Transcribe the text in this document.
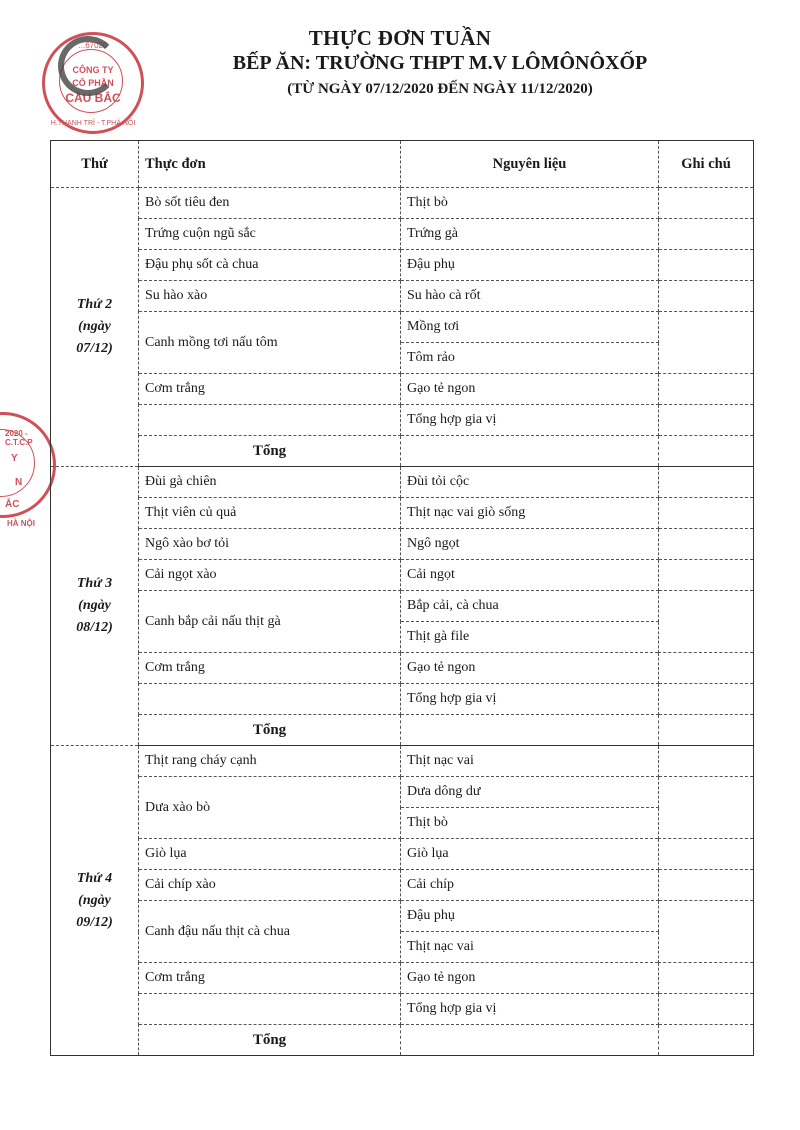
THỰC ĐƠN TUẦN
BẾP ĂN: TRƯỜNG THPT M.V LÔMÔNÔXỐP
(TỪ NGÀY 07/12/2020 ĐẾN NGÀY 11/12/2020)
...67020
CÔNG TY
CỔ PHẦN
CẦU BẮC
H.THANH TRÌ - T.PHÀ NỘI
2020 - C.T.C.P
Y
N
ẮC
HÀ NỘI
Thứ	Thực đơn	Nguyên liệu	Ghi chú

Thứ 2
(ngày
07/12)	Bò sốt tiêu đen	Thịt bò	
	Trứng cuộn ngũ sắc	Trứng gà	
	Đậu phụ sốt cà chua	Đậu phụ	
	Su hào xào	Su hào cà rốt	
	Canh mồng tơi nấu tôm	Mồng tơi	
		Tôm rảo	
	Cơm trắng	Gạo tẻ ngon	
		Tổng hợp gia vị	
	Tổng		

Thứ 3
(ngày
08/12)	Đùi gà chiên	Đùi tỏi cộc	
	Thịt viên củ quả	Thịt nạc vai giò sống	
	Ngô xào bơ tỏi	Ngô ngọt	
	Cải ngọt xào	Cải ngọt	
	Canh bắp cải nấu thịt gà	Bắp cải, cà chua	
		Thịt gà file	
	Cơm trắng	Gạo tẻ ngon	
		Tổng hợp gia vị	
	Tổng		

Thứ 4
(ngày
09/12)	Thịt rang cháy cạnh	Thịt nạc vai	
	Dưa xào bò	Dưa dông dư	
		Thịt bò	
	Giò lụa	Giò lụa	
	Cải chíp xào	Cải chíp	
	Canh đậu nấu thịt cà chua	Đậu phụ	
		Thịt nạc vai	
	Cơm trắng	Gạo tẻ ngon	
		Tổng hợp gia vị	
	Tổng		
